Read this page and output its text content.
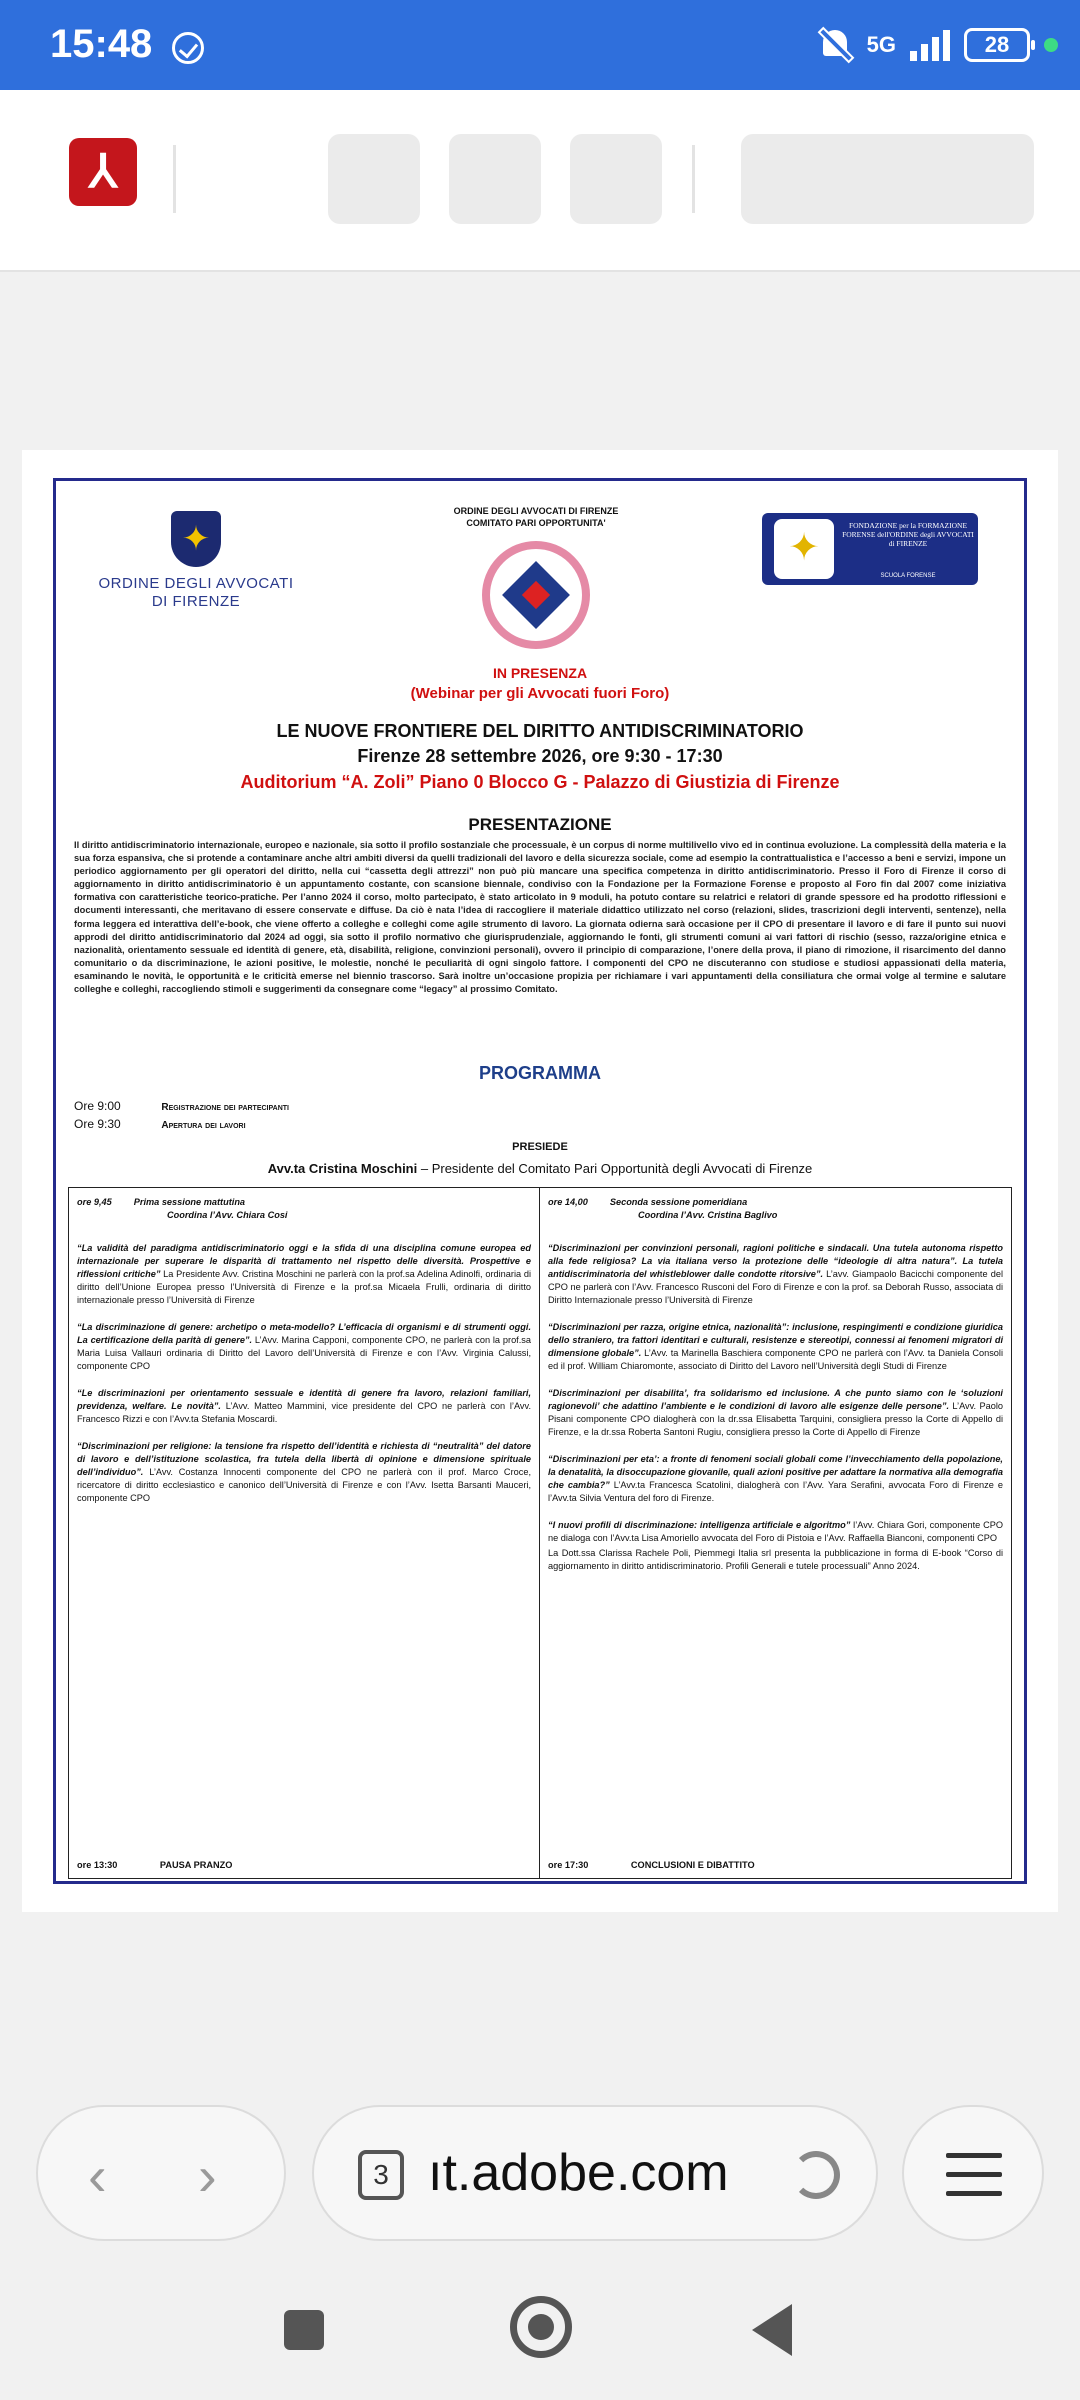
15:48	5G	28
⅄
✦
ORDINE DEGLI AVVOCATI DI FIRENZE
ORDINE DEGLI AVVOCATI DI FIRENZE
COMITATO PARI OPPORTUNITA'
✦	FONDAZIONE per la FORMAZIONE FORENSE dell'ORDINE degli AVVOCATI di FIRENZE
SCUOLA FORENSE
IN PRESENZA
(Webinar per gli Avvocati fuori Foro)
LE NUOVE FRONTIERE DEL DIRITTO ANTIDISCRIMINATORIO
Firenze 28 settembre 2026, ore 9:30 - 17:30
Auditorium “A. Zoli” Piano 0 Blocco G - Palazzo di Giustizia di Firenze
PRESENTAZIONE
Il diritto antidiscriminatorio internazionale, europeo e nazionale, sia sotto il profilo sostanziale che processuale, è un corpus di norme multilivello vivo ed in continua evoluzione. La complessità della materia e la sua forza espansiva, che si protende a contaminare anche altri ambiti diversi da quelli tradizionali del lavoro e della sicurezza sociale, come ad esempio la contrattualistica e l’accesso a beni e servizi, impone un periodico aggiornamento per gli operatori del diritto, nella cui “cassetta degli attrezzi” non può più mancare una specifica competenza in diritto antidiscriminatorio. Presso il Foro di Firenze il corso di aggiornamento in diritto antidiscriminatorio è un appuntamento costante, con scansione biennale, condiviso con la Fondazione per la Formazione Forense e proposto al Foro fin dal 2007 come iniziativa formativa con caratteristiche teorico-pratiche. Per l’anno 2024 il corso, molto partecipato, è stato articolato in 9 moduli, ha potuto contare su relatrici e relatori di grande spessore ed ha prodotto riflessioni e documenti interessanti, che meritavano di essere conservate e diffuse. Da ciò è nata l’idea di raccogliere il materiale didattico utilizzato nel corso (relazioni, slides, trascrizioni degli interventi, sentenze), nella forma leggera ed interattiva dell’e-book, che viene offerto a colleghe e colleghi come agile strumento di lavoro. La giornata odierna sarà occasione per il CPO di presentare il lavoro e di fare il punto sui nuovi approdi del diritto antidiscriminatorio dal 2024 ad oggi, sia sotto il profilo normativo che giurisprudenziale, aggiornando le fonti, gli strumenti comuni ai vari fattori di rischio (sesso, razza/origine etnica e nazionalità, orientamento sessuale ed identità di genere, età, disabilità, religione, convinzioni personali), ovvero il principio di comparazione, l’onere della prova, il piano di rimozione, il risarcimento del danno comunitario o da discriminazione, le azioni positive, le molestie, nonché le peculiarità di ogni singolo fattore. I componenti del CPO ne discuteranno con studiose e studiosi appassionati della materia, esaminando le novità, le opportunità e le criticità emerse nel biennio trascorso. Sarà inoltre un’occasione propizia per richiamare i vari appuntamenti della consiliatura che ormai volge al termine e salutare colleghe e colleghi, raccogliendo stimoli e suggerimenti da consegnare come “legacy” al prossimo Comitato.
PROGRAMMA
Ore 9:00	Registrazione dei partecipanti
Ore 9:30	Apertura dei lavori
PRESIEDE
Avv.ta Cristina Moschini – Presidente del Comitato Pari Opportunità degli Avvocati di Firenze
ore 9,45 Prima sessione mattutina
Coordina l’Avv. Chiara Cosi

“La validità del paradigma antidiscriminatorio oggi e la sfida di una disciplina comune europea ed internazionale per superare le disparità di trattamento nel rispetto delle diversità. Prospettive e riflessioni critiche” La Presidente Avv. Cristina Moschini ne parlerà con la prof.sa Adelina Adinolfi, ordinaria di diritto dell’Unione Europea presso l’Università di Firenze e la prof.sa Micaela Frulli, ordinaria di diritto internazionale presso l’Università di Firenze

“La discriminazione di genere: archetipo o meta-modello? L’efficacia di organismi e di strumenti oggi. La certificazione della parità di genere”. L’Avv. Marina Capponi, componente CPO, ne parlerà con la prof.sa Maria Luisa Vallauri ordinaria di Diritto del Lavoro dell’Università di Firenze e con l’Avv. Virginia Calussi, componente CPO

“Le discriminazioni per orientamento sessuale e identità di genere fra lavoro, relazioni familiari, previdenza, welfare. Le novità”. L’Avv. Matteo Mammini, vice presidente del CPO ne parlerà con l’Avv. Francesco Rizzi e con l’Avv.ta Stefania Moscardi.

“Discriminazioni per religione: la tensione fra rispetto dell’identità e richiesta di “neutralità” del datore di lavoro e dell’istituzione scolastica, fra tutela della libertà di opinione e dimensione spirituale dell’individuo”. L’Avv. Costanza Innocenti componente del CPO ne parlerà con il prof. Marco Croce, ricercatore di diritto ecclesiastico e canonico dell’Università di Firenze e con l’Avv. Isetta Barsanti Mauceri, componente CPO

ore 13:30	PAUSA PRANZO
ore 14,00 Seconda sessione pomeridiana
Coordina l’Avv. Cristina Baglivo

“Discriminazioni per convinzioni personali, ragioni politiche e sindacali. Una tutela autonoma rispetto alla fede religiosa? La via italiana verso la protezione delle “ideologie di altra natura”. La tutela antidiscriminatoria del whistleblower dalle condotte ritorsive”. L’avv. Giampaolo Bacicchi componente del CPO ne parlerà con l’Avv. Francesco Rusconi del Foro di Firenze e con la prof. sa Deborah Russo, associata di Diritto Internazionale presso l’Università di Firenze

“Discriminazioni per razza, origine etnica, nazionalità”: inclusione, respingimenti e condizione giuridica dello straniero, tra fattori identitari e culturali, resistenze e stereotipi, connessi ai fenomeni migratori di dimensione globale”. L’Avv. ta Marinella Baschiera componente CPO ne parlerà con l’Avv. ta Daniela Consoli ed il prof. William Chiaromonte, associato di Diritto del Lavoro nell’Università degli Studi di Firenze

“Discriminazioni per disabilita’, fra solidarismo ed inclusione. A che punto siamo con le ‘soluzioni ragionevoli’ che adattino l’ambiente e le condizioni di lavoro alle esigenze delle persone”. L’Avv. Paolo Pisani componente CPO dialogherà con la dr.ssa Elisabetta Tarquini, consigliera presso la Corte di Appello di Firenze, e la dr.ssa Roberta Santoni Rugiu, consigliera presso la Corte di Appello di Firenze

“Discriminazioni per eta’: a fronte di fenomeni sociali globali come l’invecchiamento della popolazione, la denatalità, la disoccupazione giovanile, quali azioni positive per adattare la normativa alla demografia che cambia?” L’Avv.ta Francesca Scatolini, dialogherà con l’Avv. Yara Serafini, avvocata Foro di Firenze e l’Avv.ta Silvia Ventura del foro di Firenze.

“I nuovi profili di discriminazione: intelligenza artificiale e algoritmo” l’Avv. Chiara Gori, componente CPO ne dialoga con l’Avv.ta Lisa Amoriello avvocata del Foro di Pistoia e l’Avv. Raffaella Bianconi, componenti CPO

La Dott.ssa Clarissa Rachele Poli, Piemmegi Italia srl presenta la pubblicazione in forma di E-book “Corso di aggiornamento in diritto antidiscriminatorio. Profili Generali e tutele processuali” Anno 2024.

ore 17:30	CONCLUSIONI E DIBATTITO
‹ ›	3 ıt.adobe.com
